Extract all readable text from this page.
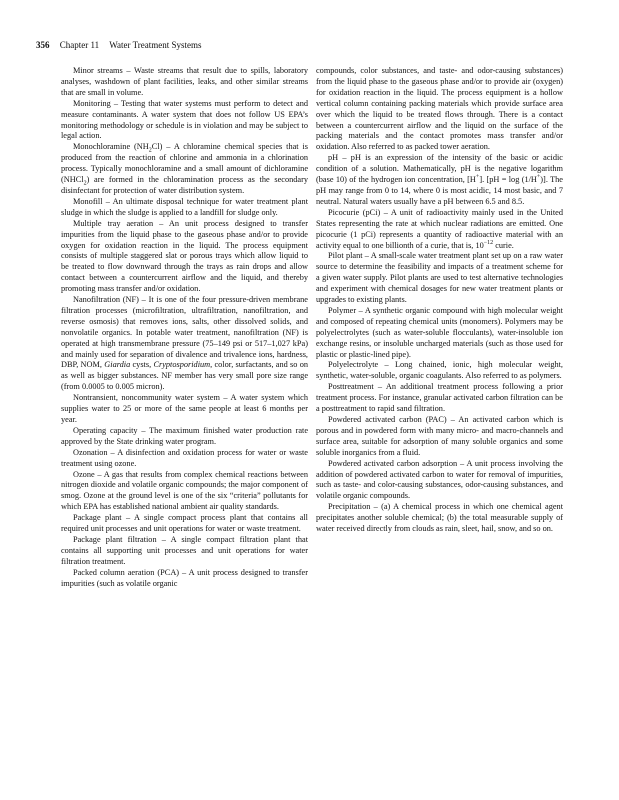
356 Chapter 11 Water Treatment Systems

Minor streams – Waste streams that result due to spills, laboratory analyses, washdown of plant facilities, leaks, and other similar streams that are small in volume.

Monitoring – Testing that water systems must perform to detect and measure contaminants. A water system that does not follow US EPA’s monitoring methodology or schedule is in violation and may be subject to legal action.

Monochloramine $(NH_2Cl)$ – A chloramine chemical species that is produced from the reaction of chlorine and ammonia in a chlorination process. Typically monochloramine and a small amount of dichloramine (NHCl$_2$) are formed in the chloramination process as the secondary disinfectant for protection of water distribution system.

Monofill – An ultimate disposal technique for water treatment plant sludge in which the sludge is applied to a landfill for sludge only.

Multiple tray aeration – An unit process designed to transfer impurities from the liquid phase to the gaseous phase and/or to provide oxygen for oxidation reaction in the liquid. The process equipment consists of multiple staggered slat or porous trays which allow liquid to be treated to flow downward through the trays as rain drops and allow contact between a countercurrent airflow and the liquid, and thereby promoting mass transfer and/or oxidation.

Nanofiltration (NF) – It is one of the four pressure-driven membrane filtration processes (microfiltration, ultrafiltration, nanofiltration, and reverse osmosis) that removes ions, salts, other dissolved solids, and nonvolatile organics. In potable water treatment, nanofiltration (NF) is operated at high transmembrane pressure (75–149 psi or 517–1,027 kPa) and mainly used for separation of divalence and trivalence ions, hardness, DBP, NOM, Giardia cysts, Cryptosporidium, color, surfactants, and so on as well as bigger substances. NF member has very small pore size range (from 0.0005 to 0.005 micron).

Nontransient, noncommunity water system – A water system which supplies water to 25 or more of the same people at least 6 months per year.

Operating capacity – The maximum finished water production rate approved by the State drinking water program.

Ozonation – A disinfection and oxidation process for water or waste treatment using ozone.

Ozone – A gas that results from complex chemical reactions between nitrogen dioxide and volatile organic compounds; the major component of smog. Ozone at the ground level is one of the six “criteria” pollutants for which EPA has established national ambient air quality standards.

Package plant – A single compact process plant that contains all required unit processes and unit operations for water or waste treatment.

Package plant filtration – A single compact filtration plant that contains all supporting unit processes and unit operations for water filtration treatment.

Packed column aeration (PCA) – A unit process designed to transfer impurities (such as volatile organic

compounds, color substances, and taste- and odor-causing substances) from the liquid phase to the gaseous phase and/or to provide air (oxygen) for oxidation reaction in the liquid. The process equipment is a hollow vertical column containing packing materials which provide surface area over which the liquid to be treated flows through. There is a contact between a countercurrent airflow and the liquid on the surface of the packing materials and the contact promotes mass transfer and/or oxidation. Also referred to as packed tower aeration.

pH – pH is an expression of the intensity of the basic or acidic condition of a solution. Mathematically, pH is the negative logarithm (base 10) of the hydrogen ion concentration, [H+]. [pH = log (1/H+)]. The pH may range from 0 to 14, where 0 is most acidic, 14 most basic, and 7 neutral. Natural waters usually have a pH between 6.5 and 8.5.

Picocurie (pCi) – A unit of radioactivity mainly used in the United States representing the rate at which nuclear radiations are emitted. One picocurie (1 pCi) represents a quantity of radioactive material with an activity equal to one billionth of a curie, that is, $10^{-12}$ curie.

Pilot plant – A small-scale water treatment plant set up on a raw water source to determine the feasibility and impacts of a treatment scheme for a given water supply. Pilot plants are used to test alternative technologies and experiment with chemical dosages for new water treatment plants or upgrades to existing plants.

Polymer – A synthetic organic compound with high molecular weight and composed of repeating chemical units (monomers). Polymers may be polyelectrolytes (such as water-soluble flocculants), water-insoluble ion exchange resins, or insoluble uncharged materials (such as those used for plastic or plastic-lined pipe).

Polyelectrolyte – Long chained, ionic, high molecular weight, synthetic, water-soluble, organic coagulants. Also referred to as polymers.

Posttreatment – An additional treatment process following a prior treatment process. For instance, granular activated carbon filtration can be a posttreatment to rapid sand filtration.

Powdered activated carbon (PAC) – An activated carbon which is porous and in powdered form with many micro- and macro-channels and surface area, suitable for adsorption of many soluble organics and some soluble inorganics from a fluid.

Powdered activated carbon adsorption – A unit process involving the addition of powdered activated carbon to water for removal of impurities, such as taste- and color-causing substances, odor-causing substances, and volatile organic compounds.

Precipitation – (a) A chemical process in which one chemical agent precipitates another soluble chemical; (b) the total measurable supply of water received directly from clouds as rain, sleet, hail, snow, and so on.
